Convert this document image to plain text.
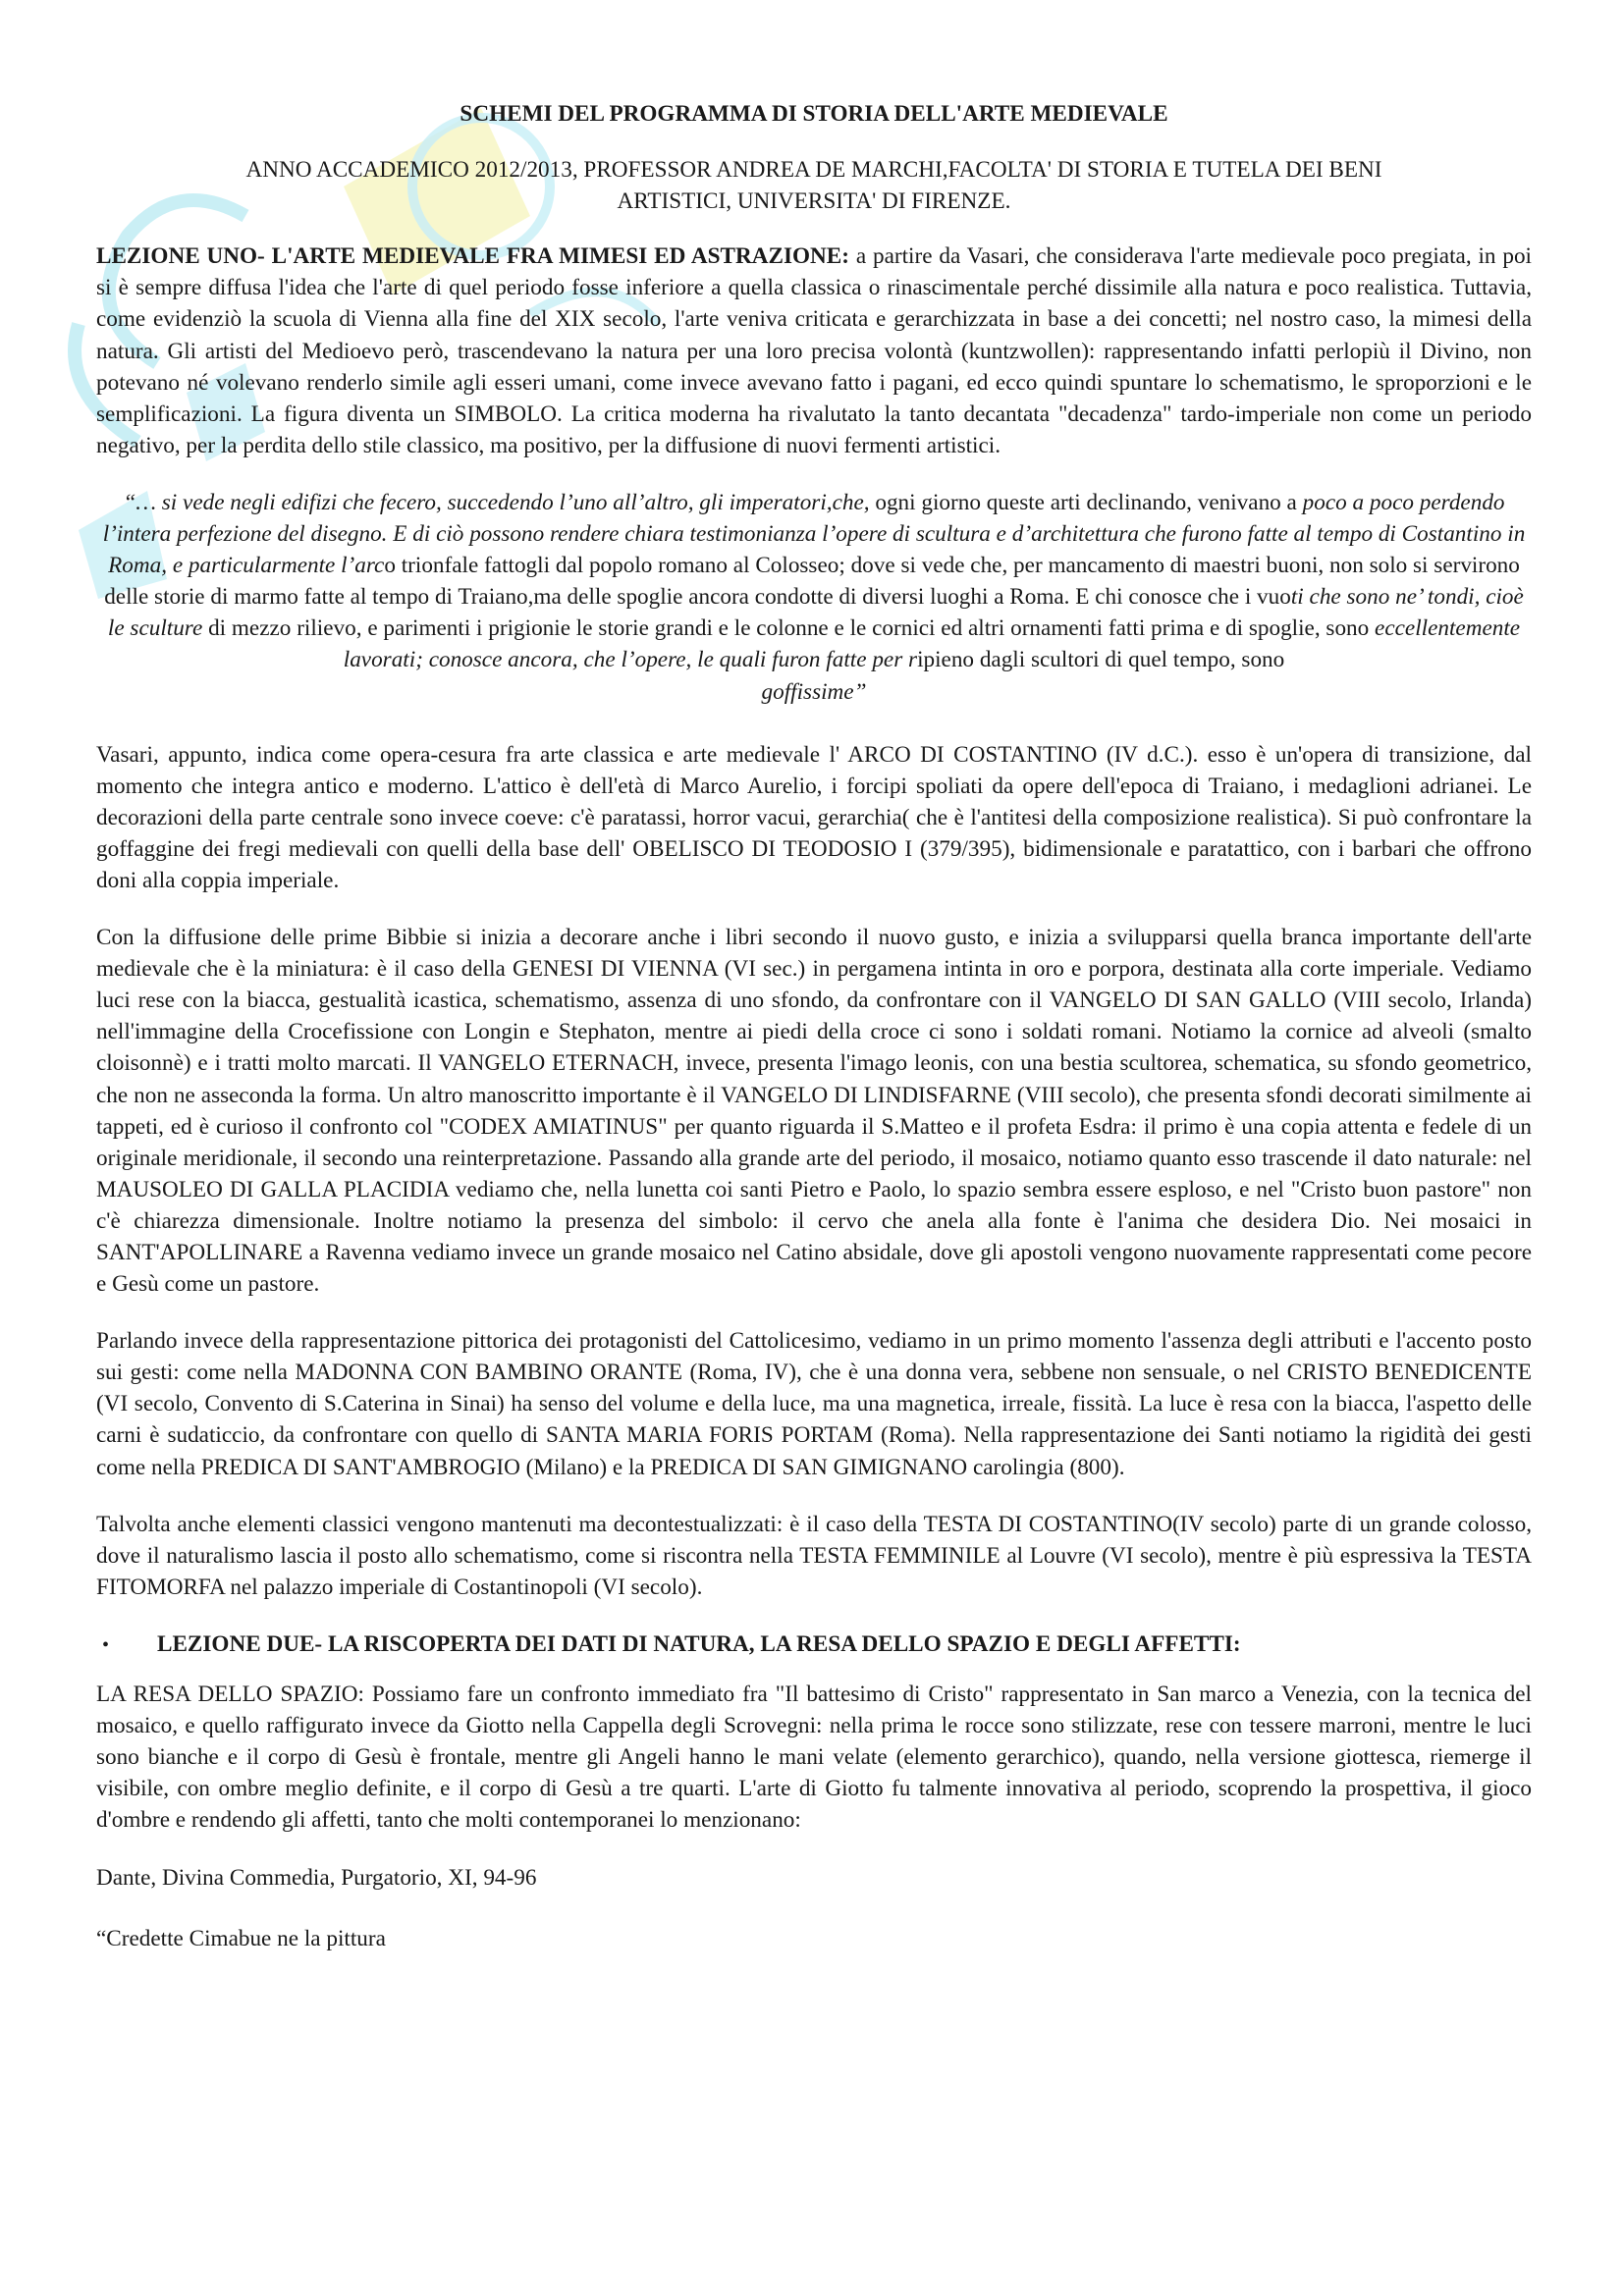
SCHEMI DEL PROGRAMMA DI STORIA DELL'ARTE MEDIEVALE
ANNO ACCADEMICO 2012/2013, PROFESSOR ANDREA DE MARCHI,FACOLTA' DI STORIA E TUTELA DEI BENI
ARTISTICI, UNIVERSITA' DI FIRENZE.

LEZIONE UNO- L'ARTE MEDIEVALE FRA MIMESI ED ASTRAZIONE: a partire da Vasari, che considerava l'arte medievale poco pregiata, in poi si è sempre diffusa l'idea che l'arte di quel periodo fosse inferiore a quella classica o rinascimentale perché dissimile alla natura e poco realistica. Tuttavia, come evidenziò la scuola di Vienna alla fine del XIX secolo, l'arte veniva criticata e gerarchizzata in base a dei concetti; nel nostro caso, la mimesi della natura. Gli artisti del Medioevo però, trascendevano la natura per una loro precisa volontà (kuntzwollen): rappresentando infatti perlopiù il Divino, non potevano né volevano renderlo simile agli esseri umani, come invece avevano fatto i pagani, ed ecco quindi spuntare lo schematismo, le sproporzioni e le semplificazioni. La figura diventa un SIMBOLO. La critica moderna ha rivalutato la tanto decantata "decadenza" tardo-imperiale non come un periodo negativo, per la perdita dello stile classico, ma positivo, per la diffusione di nuovi fermenti artistici.

“… si vede negli edifizi che fecero, succedendo l’uno all’altro, gli imperatori,che, ogni giorno queste arti declinando, venivano a poco a poco perdendo l’intera perfezione del disegno. E di ciò possono rendere chiara testimonianza l’opere di scultura e d’architettura che furono fatte al tempo di Costantino in Roma, e particularmente l’arco trionfale fattogli dal popolo romano al Colosseo; dove si vede che, per mancamento di maestri buoni, non solo si servirono delle storie di marmo fatte al tempo di Traiano,ma delle spoglie ancora condotte di diversi luoghi a Roma. E chi conosce che i vuoti che sono ne’ tondi, cioè le sculture di mezzo rilievo, e parimenti i prigionie le storie grandi e le colonne e le cornici ed altri ornamenti fatti prima e di spoglie, sono eccellentemente lavorati; conosce ancora, che l’opere, le quali furon fatte per ripieno dagli scultori di quel tempo, sono
goffissime”

Vasari, appunto, indica come opera-cesura fra arte classica e arte medievale l' ARCO DI COSTANTINO (IV d.C.). esso è un'opera di transizione, dal momento che integra antico e moderno. L'attico è dell'età di Marco Aurelio, i forcipi spoliati da opere dell'epoca di Traiano, i medaglioni adrianei. Le decorazioni della parte centrale sono invece coeve: c'è paratassi, horror vacui, gerarchia( che è l'antitesi della composizione realistica). Si può confrontare la goffaggine dei fregi medievali con quelli della base dell' OBELISCO DI TEODOSIO I (379/395), bidimensionale e paratattico, con i barbari che offrono doni alla coppia imperiale.

Con la diffusione delle prime Bibbie si inizia a decorare anche i libri secondo il nuovo gusto, e inizia a svilupparsi quella branca importante dell'arte medievale che è la miniatura: è il caso della GENESI DI VIENNA (VI sec.) in pergamena intinta in oro e porpora, destinata alla corte imperiale. Vediamo luci rese con la biacca, gestualità icastica, schematismo, assenza di uno sfondo, da confrontare con il VANGELO DI SAN GALLO (VIII secolo, Irlanda) nell'immagine della Crocefissione con Longin e Stephaton, mentre ai piedi della croce ci sono i soldati romani. Notiamo la cornice ad alveoli (smalto cloisonnè) e i tratti molto marcati. Il VANGELO ETERNACH, invece, presenta l'imago leonis, con una bestia scultorea, schematica, su sfondo geometrico, che non ne asseconda la forma. Un altro manoscritto importante è il VANGELO DI LINDISFARNE (VIII secolo), che presenta sfondi decorati similmente ai tappeti, ed è curioso il confronto col "CODEX AMIATINUS" per quanto riguarda il S.Matteo e il profeta Esdra: il primo è una copia attenta e fedele di un originale meridionale, il secondo una reinterpretazione. Passando alla grande arte del periodo, il mosaico, notiamo quanto esso trascende il dato naturale: nel MAUSOLEO DI GALLA PLACIDIA vediamo che, nella lunetta coi santi Pietro e Paolo, lo spazio sembra essere esploso, e nel "Cristo buon pastore" non c'è chiarezza dimensionale. Inoltre notiamo la presenza del simbolo: il cervo che anela alla fonte è l'anima che desidera Dio. Nei mosaici in SANT'APOLLINARE a Ravenna vediamo invece un grande mosaico nel Catino absidale, dove gli apostoli vengono nuovamente rappresentati come pecore e Gesù come un pastore.

Parlando invece della rappresentazione pittorica dei protagonisti del Cattolicesimo, vediamo in un primo momento l'assenza degli attributi e l'accento posto sui gesti: come nella MADONNA CON BAMBINO ORANTE (Roma, IV), che è una donna vera, sebbene non sensuale, o nel CRISTO BENEDICENTE (VI secolo, Convento di S.Caterina in Sinai) ha senso del volume e della luce, ma una magnetica, irreale, fissità. La luce è resa con la biacca, l'aspetto delle carni è sudaticcio, da confrontare con quello di SANTA MARIA FORIS PORTAM (Roma). Nella rappresentazione dei Santi notiamo la rigidità dei gesti come nella PREDICA DI SANT'AMBROGIO (Milano) e la PREDICA DI SAN GIMIGNANO carolingia (800).

Talvolta anche elementi classici vengono mantenuti ma decontestualizzati: è il caso della TESTA DI COSTANTINO(IV secolo) parte di un grande colosso, dove il naturalismo lascia il posto allo schematismo, come si riscontra nella TESTA FEMMINILE al Louvre (VI secolo), mentre è più espressiva la TESTA FITOMORFA nel palazzo imperiale di Costantinopoli (VI secolo).

•	LEZIONE DUE- LA RISCOPERTA DEI DATI DI NATURA, LA RESA DELLO SPAZIO E DEGLI AFFETTI:

LA RESA DELLO SPAZIO: Possiamo fare un confronto immediato fra "Il battesimo di Cristo" rappresentato in San marco a Venezia, con la tecnica del mosaico, e quello raffigurato invece da Giotto nella Cappella degli Scrovegni: nella prima le rocce sono stilizzate, rese con tessere marroni, mentre le luci sono bianche e il corpo di Gesù è frontale, mentre gli Angeli hanno le mani velate (elemento gerarchico), quando, nella versione giottesca, riemerge il visibile, con ombre meglio definite, e il corpo di Gesù a tre quarti. L'arte di Giotto fu talmente innovativa al periodo, scoprendo la prospettiva, il gioco d'ombre e rendendo gli affetti, tanto che molti contemporanei lo menzionano:

Dante, Divina Commedia, Purgatorio, XI, 94-96

“Credette Cimabue ne la pittura
